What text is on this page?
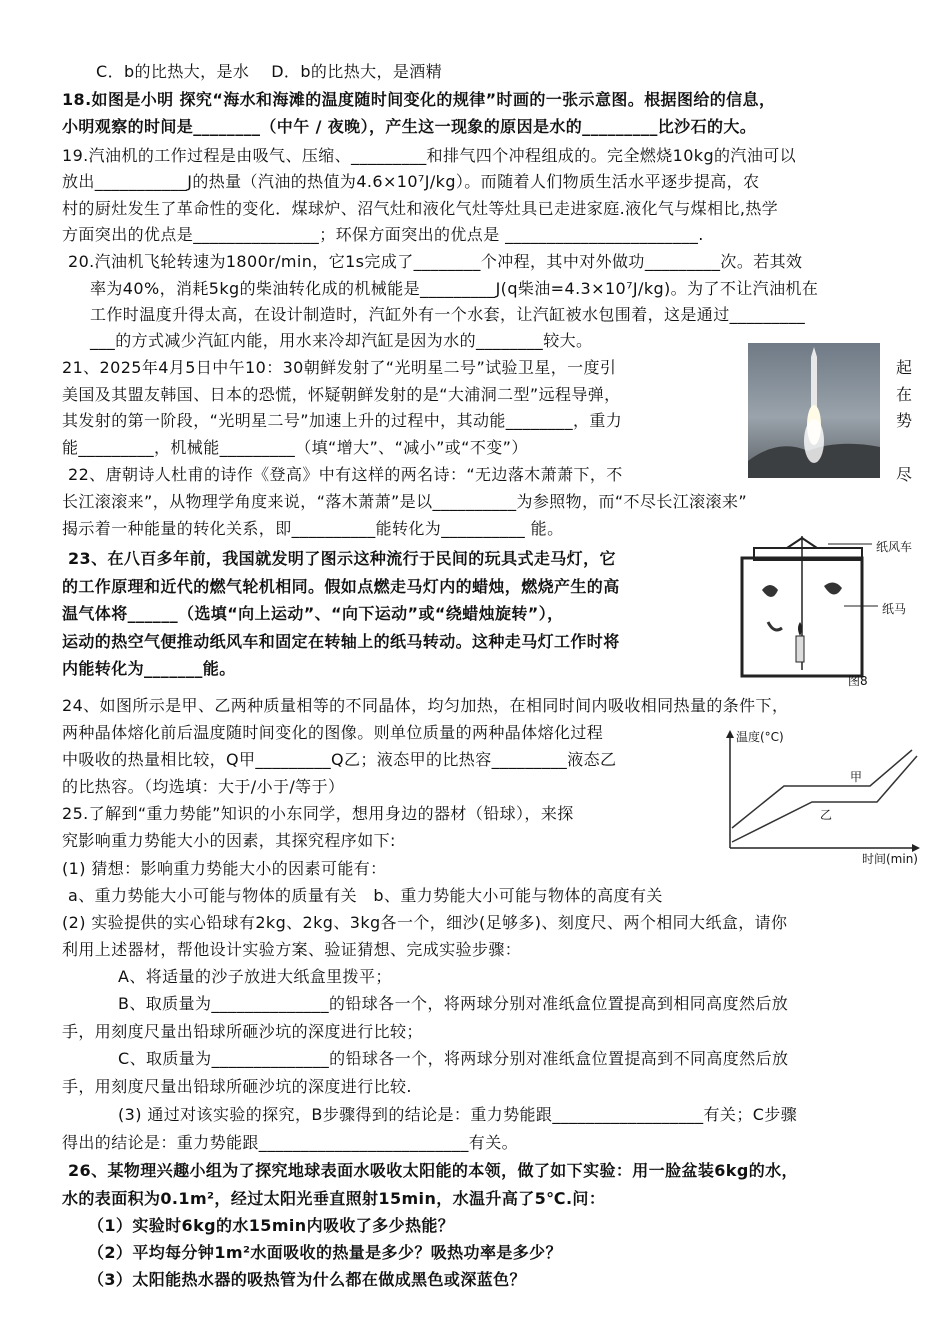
C．b的比热大，是水　 D．b的比热大，是酒精
18.如图是小明 探究“海水和海滩的温度随时间变化的规律”时画的一张示意图。根据图给的信息，
小明观察的时间是________（中午 / 夜晚），产生这一现象的原因是水的_________比沙石的大。
19.汽油机的工作过程是由吸气、压缩、_________和排气四个冲程组成的。完全燃烧10kg的汽油可以
放出___________J的热量（汽油的热值为4.6×10⁷J/kg）。而随着人们物质生活水平逐步提高，农
村的厨灶发生了革命性的变化．煤球炉、沼气灶和液化气灶等灶具已走进家庭.液化气与煤相比,热学
方面突出的优点是_______________；环保方面突出的优点是 _______________________.
20.汽油机飞轮转速为1800r/min，它1s完成了________个冲程，其中对外做功_________次。若其效
率为40%，消耗5kg的柴油转化成的机械能是_________J(q柴油=4.3×10⁷J/kg)。为了不让汽油机在
工作时温度升得太高，在设计制造时，汽缸外有一个水套，让汽缸被水包围着，这是通过_________
___的方式减少汽缸内能，用水来冷却汽缸是因为水的________较大。
21、2025年4月5日中午10：30朝鲜发射了“光明星二号”试验卫星，一度引
美国及其盟友韩国、日本的恐慌，怀疑朝鲜发射的是“大浦洞二型”远程导弹，
其发射的第一阶段，“光明星二号”加速上升的过程中，其动能________，重力
能_________，机械能_________（填“增大”、“减小”或“不变”）
22、唐朝诗人杜甫的诗作《登高》中有这样的两名诗：“无边落木萧萧下，不
长江滚滚来”，从物理学角度来说，“落木萧萧”是以__________为参照物，而“不尽长江滚滚来”
揭示着一种能量的转化关系，即__________能转化为__________ 能。
23、在八百多年前，我国就发明了图示这种流行于民间的玩具式走马灯，它
的工作原理和近代的燃气轮机相同。假如点燃走马灯内的蜡烛，燃烧产生的高
温气体将______（选填“向上运动”、“向下运动”或“绕蜡烛旋转”），
运动的热空气便推动纸风车和固定在转轴上的纸马转动。这种走马灯工作时将
内能转化为_______能。
24、如图所示是甲、乙两种质量相等的不同晶体，均匀加热，在相同时间内吸收相同热量的条件下，
两种晶体熔化前后温度随时间变化的图像。则单位质量的两种晶体熔化过程
中吸收的热量相比较，Q甲_________Q乙；液态甲的比热容_________液态乙
的比热容。（均选填：大于/小于/等于）
25.了解到“重力势能”知识的小东同学，想用身边的器材（铅球），来探
究影响重力势能大小的因素，其探究程序如下:
(1) 猜想：影响重力势能大小的因素可能有：
a、重力势能大小可能与物体的质量有关　b、重力势能大小可能与物体的高度有关
(2) 实验提供的实心铅球有2kg、2kg、3kg各一个，细沙(足够多)、刻度尺、两个相同大纸盒，请你
利用上述器材，帮他设计实验方案、验证猜想、完成实验步骤：
A、将适量的沙子放进大纸盒里拨平；
B、取质量为______________的铅球各一个，将两球分别对准纸盒位置提高到相同高度然后放
手，用刻度尺量出铅球所砸沙坑的深度进行比较；
C、取质量为______________的铅球各一个，将两球分别对准纸盒位置提高到不同高度然后放
手，用刻度尺量出铅球所砸沙坑的深度进行比较.
(3) 通过对该实验的探究，B步骤得到的结论是：重力势能跟__________________有关；C步骤
得出的结论是：重力势能跟_________________________有关。
26、某物理兴趣小组为了探究地球表面水吸收太阳能的本领，做了如下实验：用一脸盆装6kg的水，
水的表面积为0.1m²，经过太阳光垂直照射15min，水温升高了5℃.问：
（1）实验时6kg的水15min内吸收了多少热能？
（2）平均每分钟1m²水面吸收的热量是多少？吸热功率是多少？
（3）太阳能热水器的吸热管为什么都在做成黑色或深蓝色？
起
在
势
尽
纸风车
纸马
图8
温度(°C)
甲
乙
时间(min)
